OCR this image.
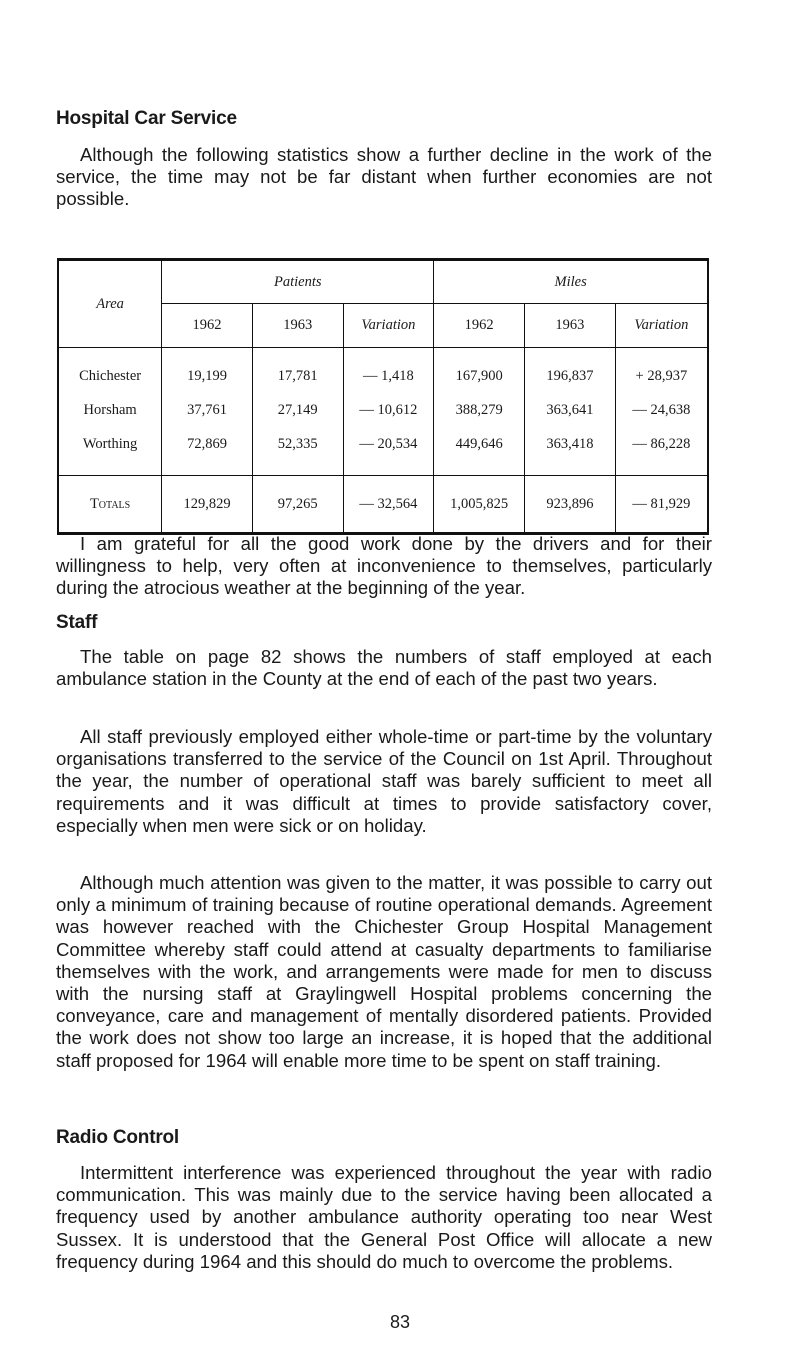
Hospital Car Service

Although the following statistics show a further decline in the work of the service, the time may not be far distant when further economies are not possible.

Area	Patients			Miles		
	1962	1963	Variation	1962	1963	Variation

Chichester	19,199	17,781	— 1,418	167,900	196,837	+ 28,937
Horsham	37,761	27,149	— 10,612	388,279	363,641	— 24,638
Worthing	72,869	52,335	— 20,534	449,646	363,418	— 86,228

Totals	129,829	97,265	— 32,564	1,005,825	923,896	— 81,929

I am grateful for all the good work done by the drivers and for their willingness to help, very often at inconvenience to themselves, particularly during the atrocious weather at the beginning of the year.

Staff

The table on page 82 shows the numbers of staff employed at each ambulance station in the County at the end of each of the past two years.

All staff previously employed either whole-time or part-time by the voluntary organisations transferred to the service of the Council on 1st April. Throughout the year, the number of operational staff was barely sufficient to meet all requirements and it was difficult at times to provide satisfactory cover, especially when men were sick or on holiday.

Although much attention was given to the matter, it was possible to carry out only a minimum of training because of routine operational demands. Agreement was however reached with the Chichester Group Hospital Management Committee whereby staff could attend at casualty departments to familiarise themselves with the work, and arrangements were made for men to discuss with the nursing staff at Graylingwell Hospital problems concerning the conveyance, care and management of mentally disordered patients. Provided the work does not show too large an increase, it is hoped that the additional staff proposed for 1964 will enable more time to be spent on staff training.

Radio Control

Intermittent interference was experienced throughout the year with radio communication. This was mainly due to the service having been allocated a frequency used by another ambulance authority operating too near West Sussex. It is understood that the General Post Office will allocate a new frequency during 1964 and this should do much to overcome the problems.

83
